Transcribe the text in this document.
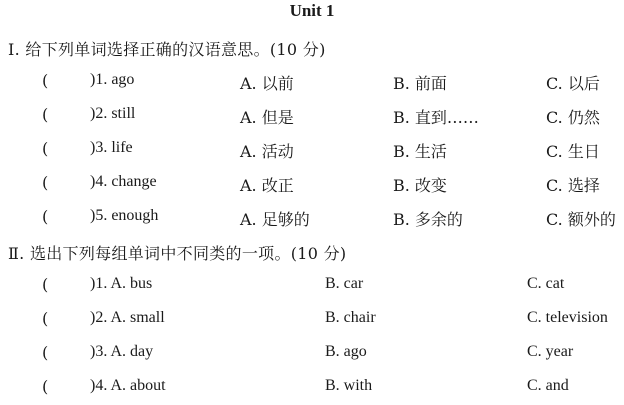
Unit 1
Ⅰ. 给下列单词选择正确的汉语意思。(10 分)
(	)1. ago	A. 以前	B. 前面	C. 以后
(	)2. still	A. 但是	B. 直到……	C. 仍然
(	)3. life	A. 活动	B. 生活	C. 生日
(	)4. change	A. 改正	B. 改变	C. 选择
(	)5. enough	A. 足够的	B. 多余的	C. 额外的
Ⅱ. 选出下列每组单词中不同类的一项。(10 分)
(	)1. A. bus	B. car	C. cat
(	)2. A. small	B. chair	C. television
(	)3. A. day	B. ago	C. year
(	)4. A. about	B. with	C. and
